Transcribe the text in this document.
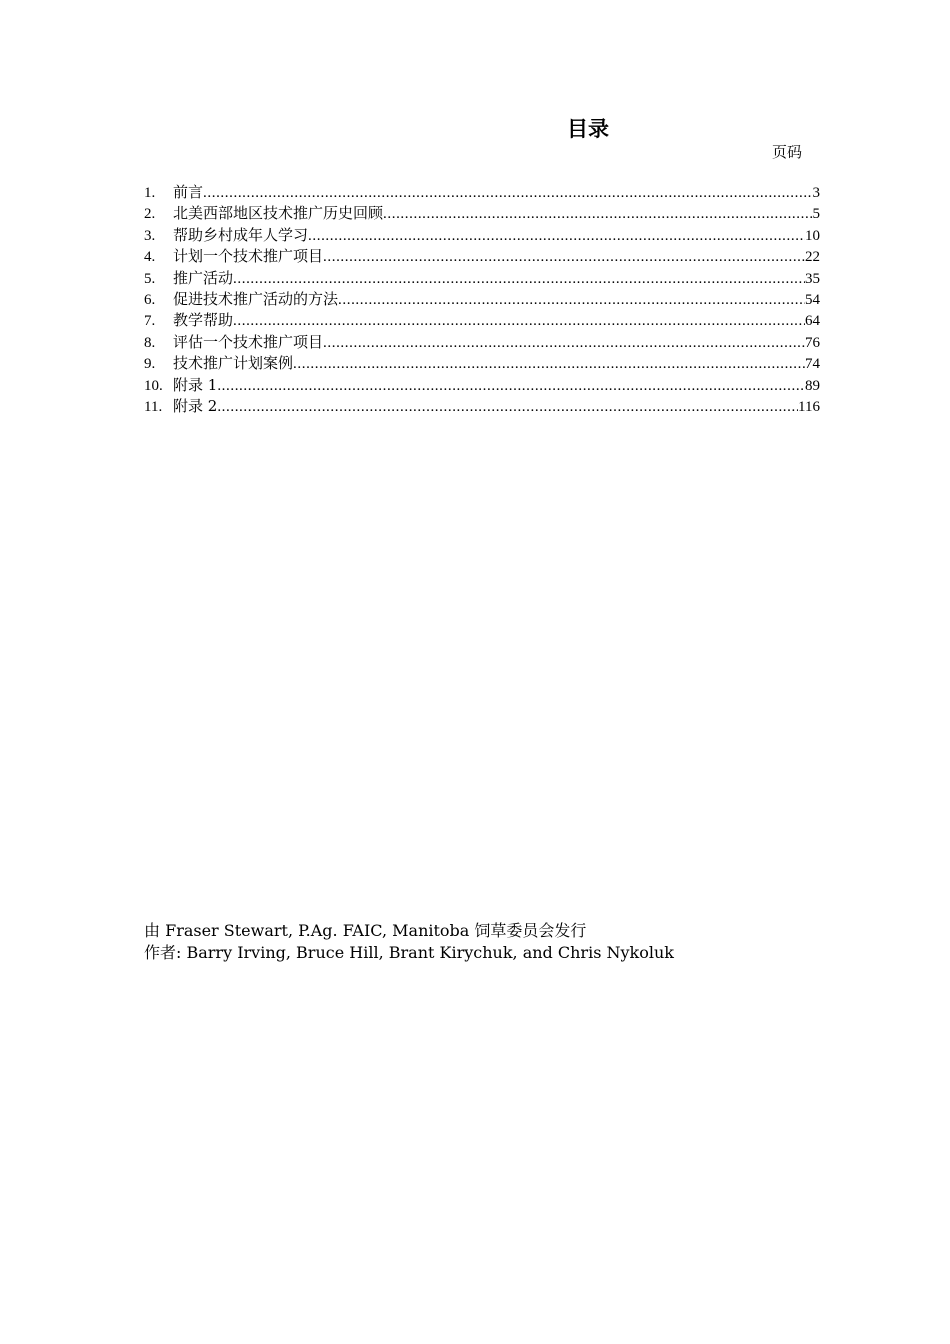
目录
页码
1.	前言 .....	3
2.	北美西部地区技术推广历史回顾 .....	5
3.	帮助乡村成年人学习 .....	10
4.	计划一个技术推广项目 .....	22
5.	推广活动 .....	35
6.	促进技术推广活动的方法 .....	54
7.	教学帮助 .....	64
8.	评估一个技术推广项目 .....	76
9.	技术推广计划案例 .....	74
10. 附录 1 .....	89
11. 附录 2 .....	116
由 Fraser Stewart, P.Ag. FAIC, Manitoba 饲草委员会发行
作者: Barry Irving, Bruce Hill, Brant Kirychuk, and Chris Nykoluk
